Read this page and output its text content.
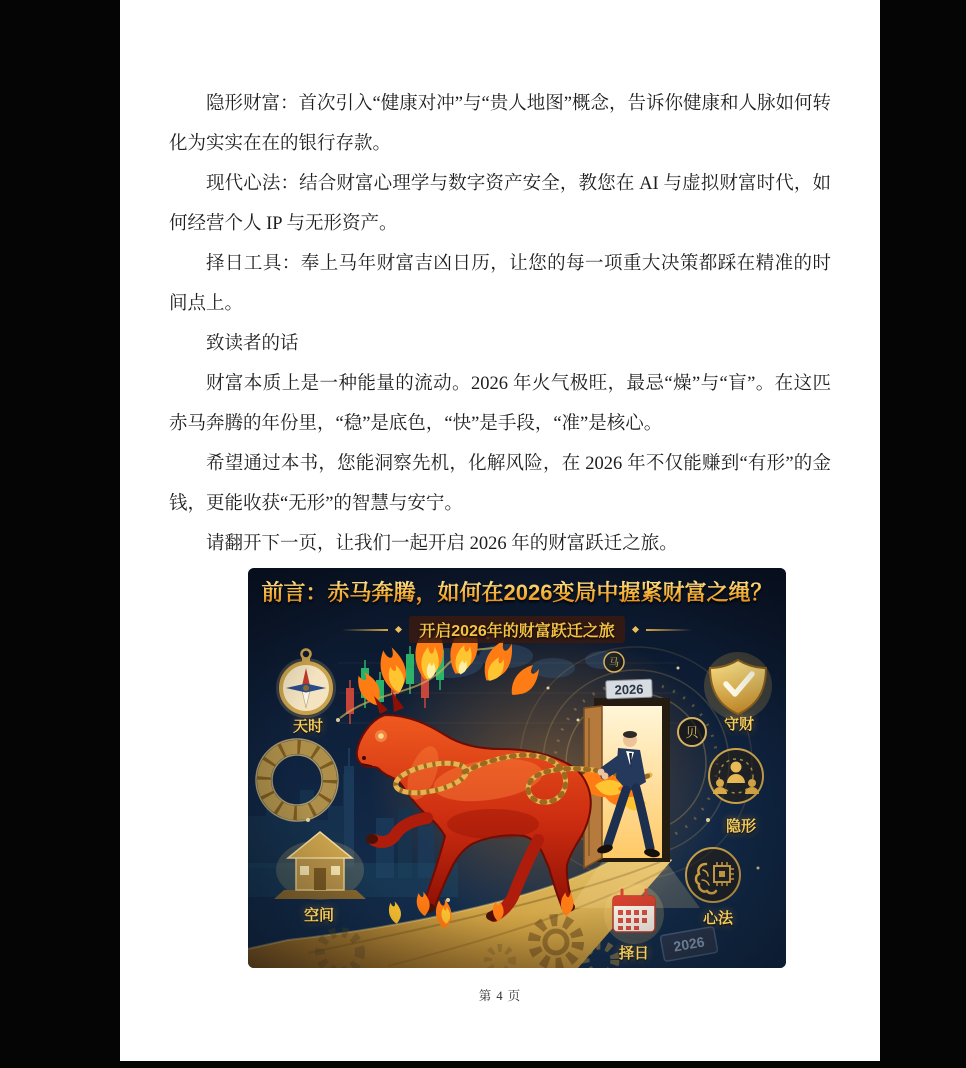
隐形财富：首次引入“健康对冲”与“贵人地图”概念，告诉你健康和人脉如何转化为实实在在的银行存款。

现代心法：结合财富心理学与数字资产安全，教您在 AI 与虚拟财富时代，如何经营个人 IP 与无形资产。

择日工具：奉上马年财富吉凶日历，让您的每一项重大决策都踩在精准的时间点上。

致读者的话

财富本质上是一种能量的流动。2026 年火气极旺，最忌“燥”与“盲”。在这匹赤马奔腾的年份里，“稳”是底色，“快”是手段，“准”是核心。

希望通过本书，您能洞察先机，化解风险，在 2026 年不仅能赚到“有形”的金钱，更能收获“无形”的智慧与安宁。

请翻开下一页，让我们一起开启 2026 年的财富跃迁之旅。

前言：赤马奔腾，如何在2026变局中握紧财富之绳？
开启2026年的财富跃迁之旅
天时
空间
守财
隐形
心法
择日
第 4 页
